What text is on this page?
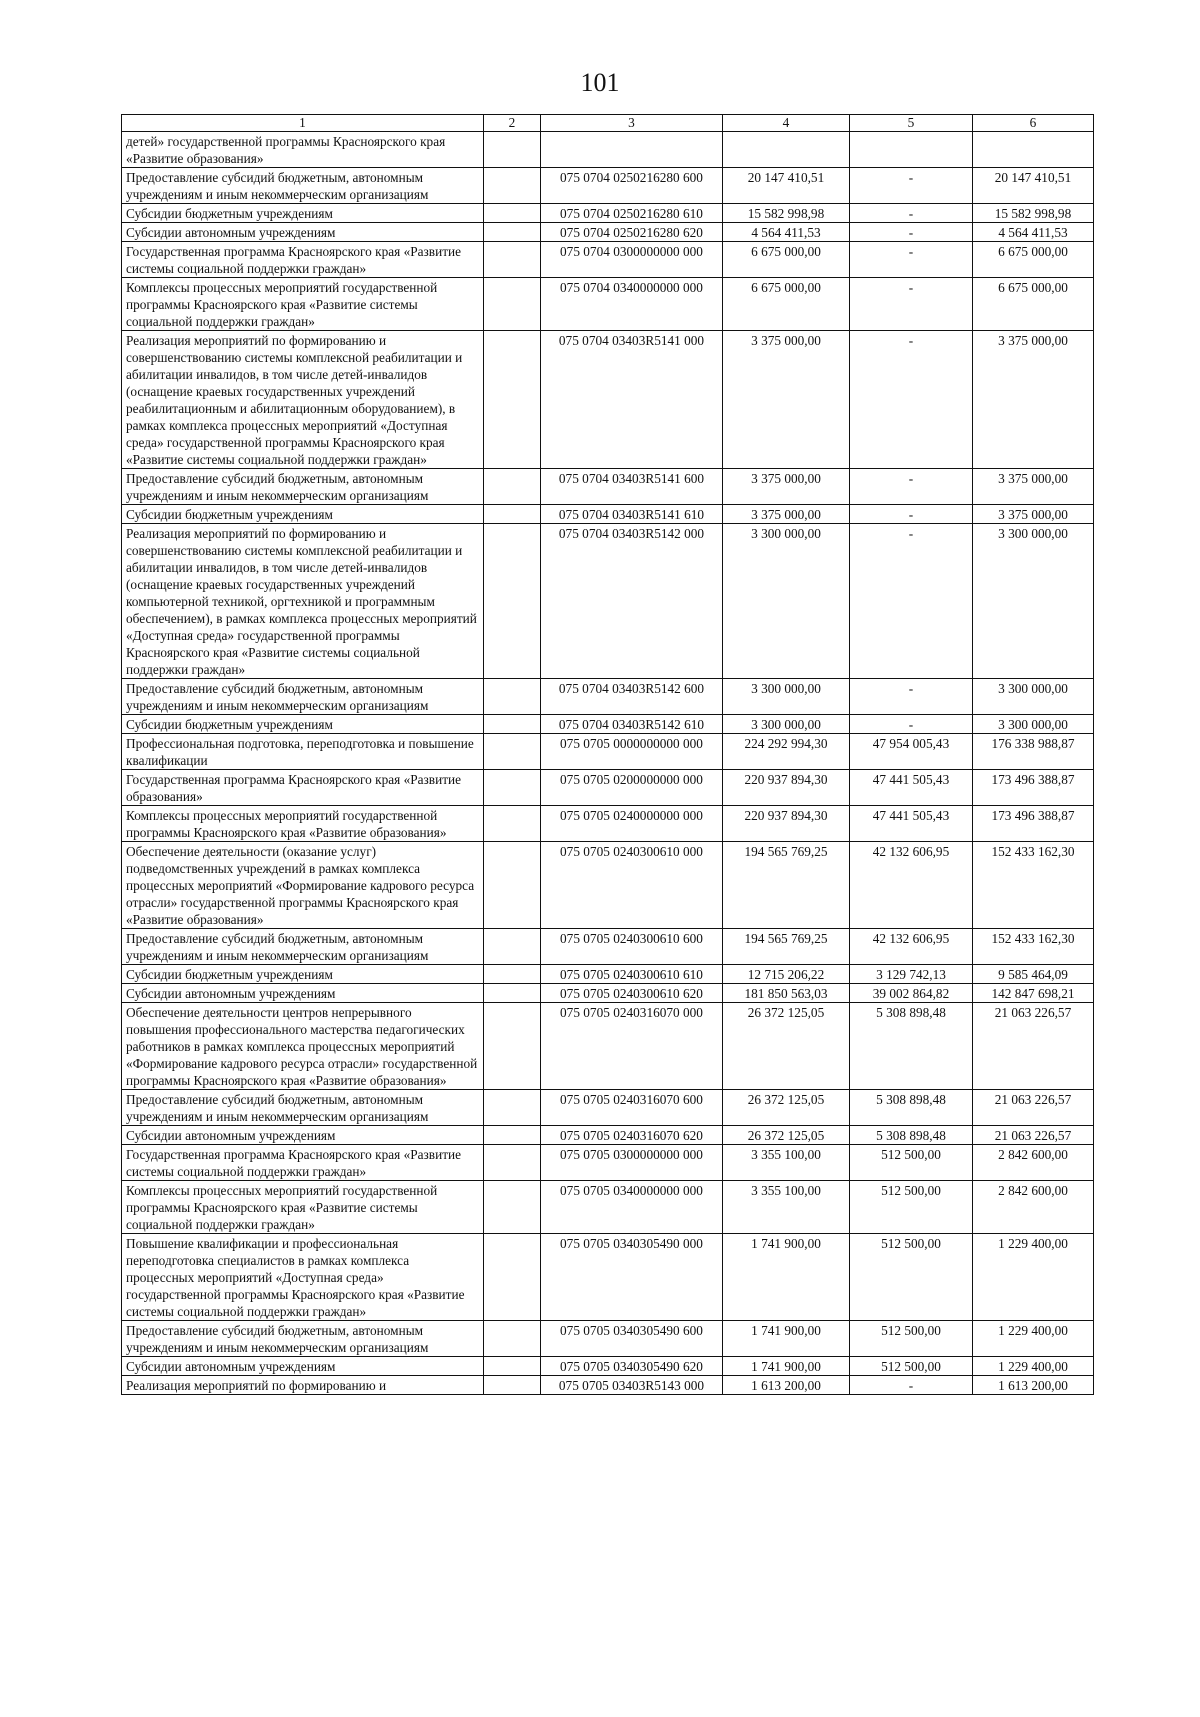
101
1	2	3	4	5	6
детей» государственной программы Красноярского края «Развитие образования»					
Предоставление субсидий бюджетным, автономным учреждениям и иным некоммерческим организациям		075 0704 0250216280 600	20 147 410,51	-	20 147 410,51
Субсидии бюджетным учреждениям		075 0704 0250216280 610	15 582 998,98	-	15 582 998,98
Субсидии автономным учреждениям		075 0704 0250216280 620	4 564 411,53	-	4 564 411,53
Государственная программа Красноярского края «Развитие системы социальной поддержки граждан»		075 0704 0300000000 000	6 675 000,00	-	6 675 000,00
Комплексы процессных мероприятий государственной программы Красноярского края «Развитие системы социальной поддержки граждан»		075 0704 0340000000 000	6 675 000,00	-	6 675 000,00
Реализация мероприятий по формированию и совершенствованию системы комплексной реабилитации и абилитации инвалидов, в том числе детей-инвалидов (оснащение краевых государственных учреждений реабилитационным и абилитационным оборудованием), в рамках комплекса процессных мероприятий «Доступная среда» государственной программы Красноярского края «Развитие системы социальной поддержки граждан»		075 0704 03403R5141 000	3 375 000,00	-	3 375 000,00
Предоставление субсидий бюджетным, автономным учреждениям и иным некоммерческим организациям		075 0704 03403R5141 600	3 375 000,00	-	3 375 000,00
Субсидии бюджетным учреждениям		075 0704 03403R5141 610	3 375 000,00	-	3 375 000,00
Реализация мероприятий по формированию и совершенствованию системы комплексной реабилитации и абилитации инвалидов, в том числе детей-инвалидов (оснащение краевых государственных учреждений компьютерной техникой, оргтехникой и программным обеспечением), в рамках комплекса процессных мероприятий «Доступная среда» государственной программы Красноярского края «Развитие системы социальной поддержки граждан»		075 0704 03403R5142 000	3 300 000,00	-	3 300 000,00
Предоставление субсидий бюджетным, автономным учреждениям и иным некоммерческим организациям		075 0704 03403R5142 600	3 300 000,00	-	3 300 000,00
Субсидии бюджетным учреждениям		075 0704 03403R5142 610	3 300 000,00	-	3 300 000,00
Профессиональная подготовка, переподготовка и повышение квалификации		075 0705 0000000000 000	224 292 994,30	47 954 005,43	176 338 988,87
Государственная программа Красноярского края «Развитие образования»		075 0705 0200000000 000	220 937 894,30	47 441 505,43	173 496 388,87
Комплексы процессных мероприятий государственной программы Красноярского края «Развитие образования»		075 0705 0240000000 000	220 937 894,30	47 441 505,43	173 496 388,87
Обеспечение деятельности (оказание услуг) подведомственных учреждений в рамках комплекса процессных мероприятий «Формирование кадрового ресурса отрасли» государственной программы Красноярского края «Развитие образования»		075 0705 0240300610 000	194 565 769,25	42 132 606,95	152 433 162,30
Предоставление субсидий бюджетным, автономным учреждениям и иным некоммерческим организациям		075 0705 0240300610 600	194 565 769,25	42 132 606,95	152 433 162,30
Субсидии бюджетным учреждениям		075 0705 0240300610 610	12 715 206,22	3 129 742,13	9 585 464,09
Субсидии автономным учреждениям		075 0705 0240300610 620	181 850 563,03	39 002 864,82	142 847 698,21
Обеспечение деятельности центров непрерывного повышения профессионального мастерства педагогических работников в рамках комплекса процессных мероприятий «Формирование кадрового ресурса отрасли» государственной программы Красноярского края «Развитие образования»		075 0705 0240316070 000	26 372 125,05	5 308 898,48	21 063 226,57
Предоставление субсидий бюджетным, автономным учреждениям и иным некоммерческим организациям		075 0705 0240316070 600	26 372 125,05	5 308 898,48	21 063 226,57
Субсидии автономным учреждениям		075 0705 0240316070 620	26 372 125,05	5 308 898,48	21 063 226,57
Государственная программа Красноярского края «Развитие системы социальной поддержки граждан»		075 0705 0300000000 000	3 355 100,00	512 500,00	2 842 600,00
Комплексы процессных мероприятий государственной программы Красноярского края «Развитие системы социальной поддержки граждан»		075 0705 0340000000 000	3 355 100,00	512 500,00	2 842 600,00
Повышение квалификации и профессиональная переподготовка специалистов в рамках комплекса процессных мероприятий «Доступная среда» государственной программы Красноярского края «Развитие системы социальной поддержки граждан»		075 0705 0340305490 000	1 741 900,00	512 500,00	1 229 400,00
Предоставление субсидий бюджетным, автономным учреждениям и иным некоммерческим организациям		075 0705 0340305490 600	1 741 900,00	512 500,00	1 229 400,00
Субсидии автономным учреждениям		075 0705 0340305490 620	1 741 900,00	512 500,00	1 229 400,00
Реализация мероприятий по формированию и		075 0705 03403R5143 000	1 613 200,00	-	1 613 200,00
